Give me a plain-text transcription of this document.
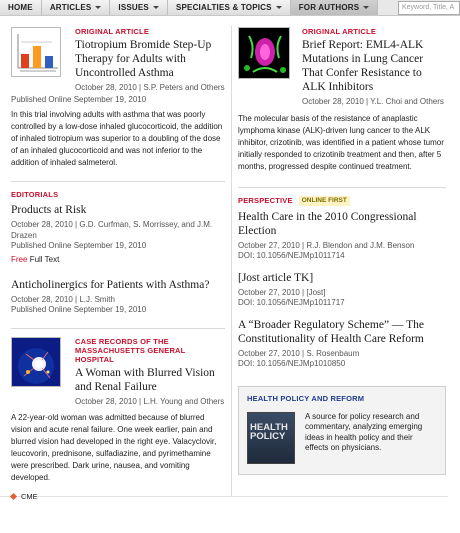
HOME ARTICLES	ISSUES	SPECIALTIES & TOPICS	FOR AUTHORS	Keyword, Title, A
ORIGINAL ARTICLE
Tiotropium Bromide Step-Up Therapy for Adults with Uncontrolled Asthma
October 28, 2010 | S.P. Peters and Others
Published Online September 19, 2010
In this trial involving adults with asthma that was poorly controlled by a low-dose inhaled glucocorticoid, the addition of inhaled tiotropium was superior to a doubling of the dose of an inhaled glucocorticoid and was not inferior to the addition of inhaled salmeterol.
EDITORIALS
Products at Risk
October 28, 2010 | G.D. Curfman, S. Morrissey, and J.M. Drazen
Published Online September 19, 2010
Free Full Text
Anticholinergics for Patients with Asthma?
October 28, 2010 | L.J. Smith
Published Online September 19, 2010
CASE RECORDS OF THE MASSACHUSETTS GENERAL HOSPITAL
A Woman with Blurred Vision and Renal Failure
October 28, 2010 | L.H. Young and Others
A 22-year-old woman was admitted because of blurred vision and acute renal failure. One week earlier, pain and blurred vision had developed in the right eye. Valacyclovir, leucovorin, prednisone, sulfadiazine, and pyrimethamine were prescribed. Dark urine, nausea, and vomiting developed.
CME
ORIGINAL ARTICLE
Brief Report: EML4-ALK Mutations in Lung Cancer That Confer Resistance to ALK Inhibitors
October 28, 2010 | Y.L. Choi and Others
The molecular basis of the resistance of anaplastic lymphoma kinase (ALK)-driven lung cancer to the ALK inhibitor, crizotinib, was identified in a patient whose tumor initially responded to crizotinib treatment and then, after 5 months, progressed despite continued treatment.
PERSPECTIVE	ONLINE FIRST
Health Care in the 2010 Congressional Election
October 27, 2010 | R.J. Blendon and J.M. Benson
DOI: 10.1056/NEJMp1011714
[Jost article TK]
October 27, 2010 | [Jost]
DOI: 10.1056/NEJMp1011717
A “Broader Regulatory Scheme” — The Constitutionality of Health Care Reform
October 27, 2010 | S. Rosenbaum
DOI: 10.1056/NEJMp1010850
HEALTH POLICY AND REFORM
HEALTH
POLICY
A source for policy research and commentary, analyzing emerging ideas in health policy and their effects on physicians.
